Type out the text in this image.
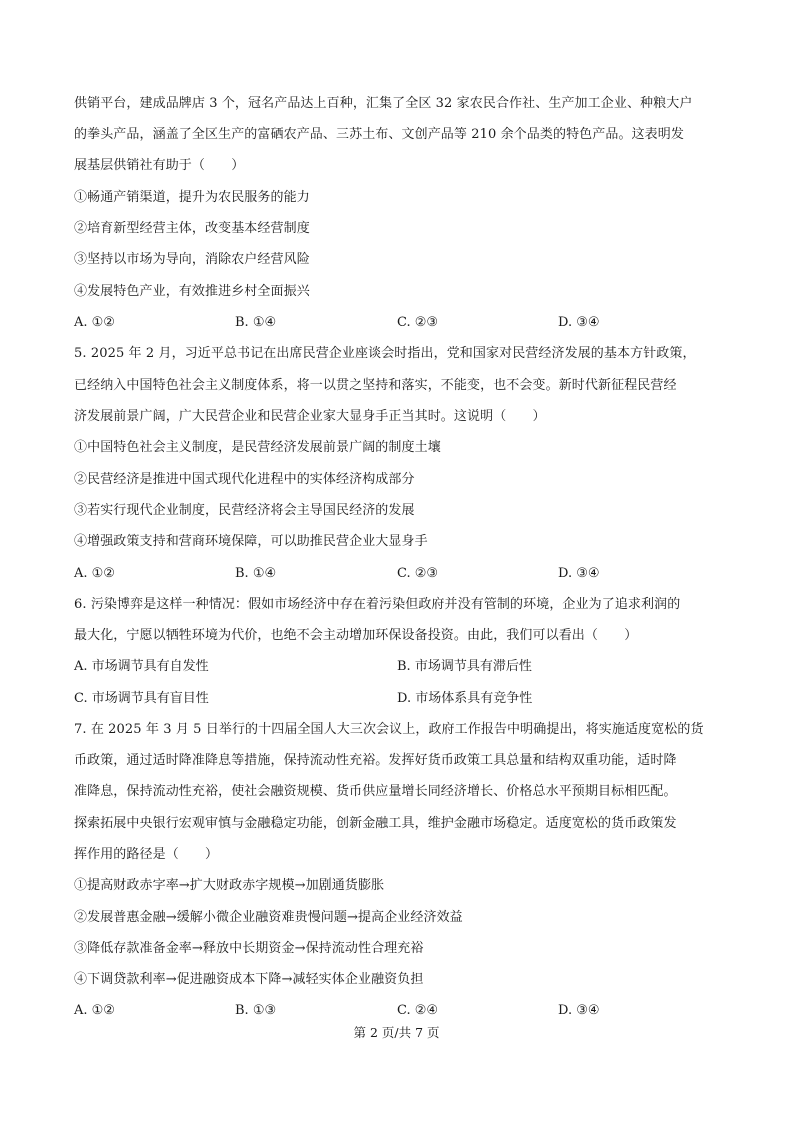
供销平台，建成品牌店 3 个，冠名产品达上百种，汇集了全区 32 家农民合作社、生产加工企业、种粮大户
的拳头产品，涵盖了全区生产的富硒农产品、三苏土布、文创产品等 210 余个品类的特色产品。这表明发
展基层供销社有助于（　　）
①畅通产销渠道，提升为农民服务的能力
②培育新型经营主体，改变基本经营制度
③坚持以市场为导向，消除农户经营风险
④发展特色产业，有效推进乡村全面振兴
A. ①②	B. ①④	C. ②③	D. ③④
5. 2025 年 2 月，习近平总书记在出席民营企业座谈会时指出，党和国家对民营经济发展的基本方针政策，
已经纳入中国特色社会主义制度体系，将一以贯之坚持和落实，不能变，也不会变。新时代新征程民营经
济发展前景广阔，广大民营企业和民营企业家大显身手正当其时。这说明（　　）
①中国特色社会主义制度，是民营经济发展前景广阔的制度土壤
②民营经济是推进中国式现代化进程中的实体经济构成部分
③若实行现代企业制度，民营经济将会主导国民经济的发展
④增强政策支持和营商环境保障，可以助推民营企业大显身手
A. ①②	B. ①④	C. ②③	D. ③④
6. 污染博弈是这样一种情况：假如市场经济中存在着污染但政府并没有管制的环境，企业为了追求利润的
最大化，宁愿以牺牲环境为代价，也绝不会主动增加环保设备投资。由此，我们可以看出（　　）
A. 市场调节具有自发性	B. 市场调节具有滞后性
C. 市场调节具有盲目性	D. 市场体系具有竞争性
7. 在 2025 年 3 月 5 日举行的十四届全国人大三次会议上，政府工作报告中明确提出，将实施适度宽松的货
币政策，通过适时降准降息等措施，保持流动性充裕。发挥好货币政策工具总量和结构双重功能，适时降
准降息，保持流动性充裕，使社会融资规模、货币供应量增长同经济增长、价格总水平预期目标相匹配。
探索拓展中央银行宏观审慎与金融稳定功能，创新金融工具，维护金融市场稳定。适度宽松的货币政策发
挥作用的路径是（　　）
①提高财政赤字率→扩大财政赤字规模→加剧通货膨胀
②发展普惠金融→缓解小微企业融资难贵慢问题→提高企业经济效益
③降低存款准备金率→释放中长期资金→保持流动性合理充裕
④下调贷款利率→促进融资成本下降→减轻实体企业融资负担
A. ①②	B. ①③	C. ②④	D. ③④
第 2 页/共 7 页
